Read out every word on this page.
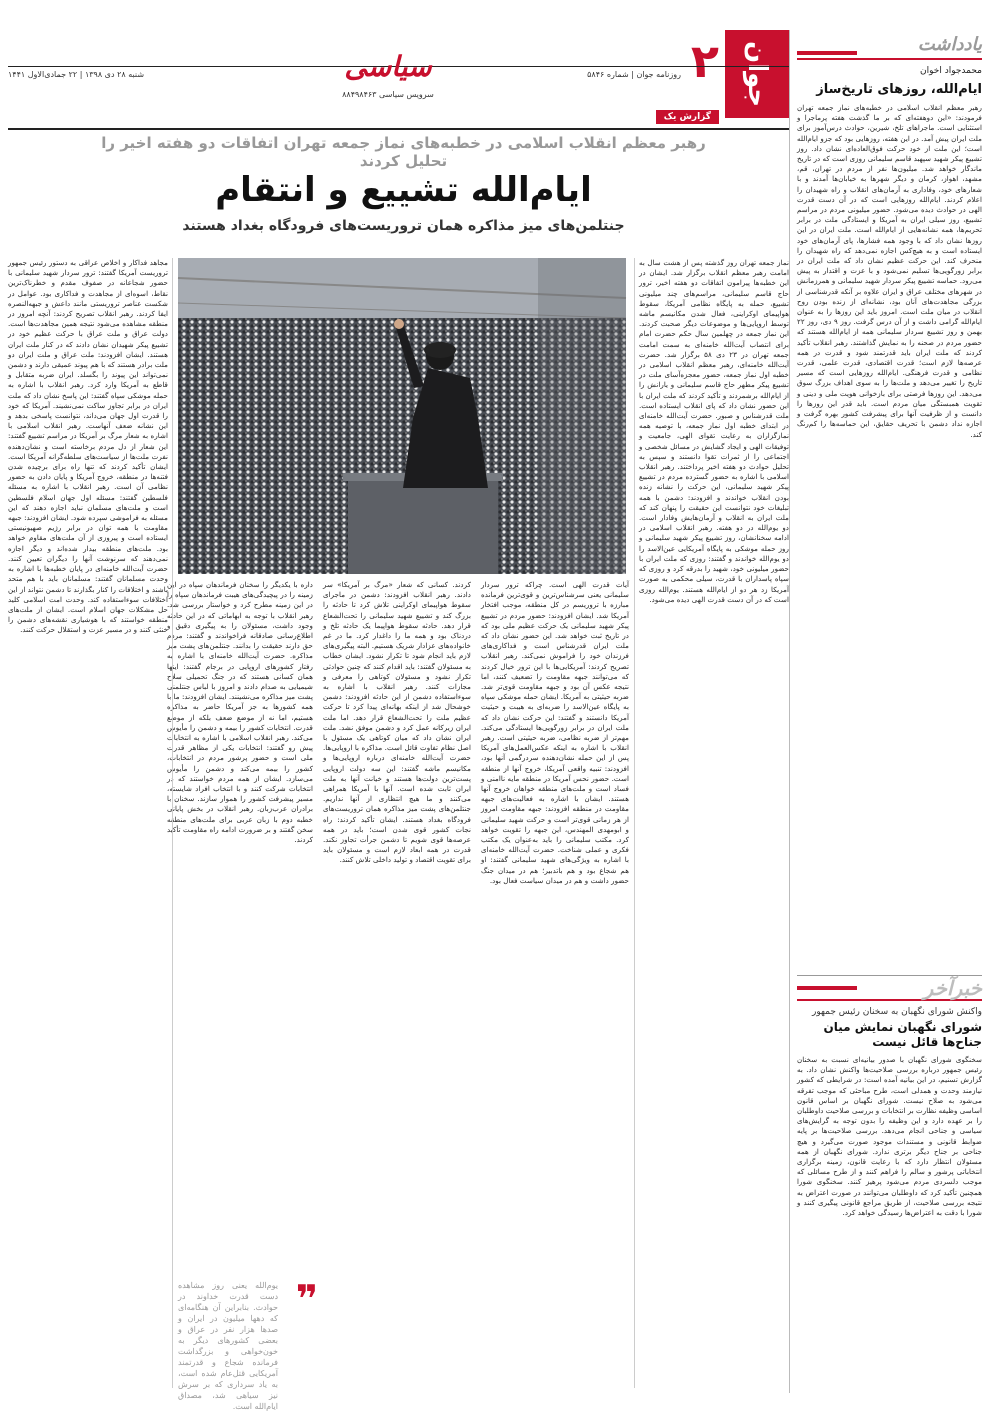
یادداشت
محمدجواد اخوان
ایام‌الله، روزهای تاریخ‌ساز
رهبر معظم انقلاب اسلامی در خطبه‌های نماز جمعه تهران فرمودند: «این دوهفته‌ای که بر ما گذشت هفته پرماجرا و استثنایی است. ماجراهای تلخ، شیرین، حوادث درس‌آموز برای ملت ایران پیش آمد. در این هفته، روزهایی بود که جزو ایام‌الله است؛ این ملت از خود حرکت فوق‌العاده‌ای نشان داد. روز تشییع پیکر شهید سپهبد قاسم سلیمانی روزی است که در تاریخ ماندگار خواهد شد. میلیون‌ها نفر از مردم در تهران، قم، مشهد، اهواز، کرمان و دیگر شهرها به خیابان‌ها آمدند و با شعارهای خود، وفاداری به آرمان‌های انقلاب و راه شهیدان را اعلام کردند. ایام‌الله روزهایی است که در آن دست قدرت الهی در حوادث دیده می‌شود. حضور میلیونی مردم در مراسم تشییع، روز سیلی ایران به آمریکا و ایستادگی ملت در برابر تحریم‌ها، همه نشانه‌هایی از ایام‌الله است. ملت ایران در این روزها نشان داد که با وجود همه فشارها، پای آرمان‌های خود ایستاده است و به هیچ‌کس اجازه نمی‌دهد که راه شهیدان را منحرف کند. این حرکت عظیم نشان داد که ملت ایران در برابر زورگویی‌ها تسلیم نمی‌شود و با عزت و اقتدار به پیش می‌رود. حماسه تشییع پیکر سردار شهید سلیمانی و همرزمانش در شهرهای مختلف عراق و ایران علاوه بر آنکه قدرشناسی از بزرگی مجاهدت‌های آنان بود، نشانه‌ای از زنده بودن روح انقلاب در میان ملت است. امروز باید این روزها را به عنوان ایام‌الله گرامی داشت و از آن درس گرفت. روز ۹ دی، روز ۲۲ بهمن و روز تشییع سردار سلیمانی همه از ایام‌الله هستند که حضور مردم در صحنه را به نمایش گذاشتند. رهبر انقلاب تأکید کردند که ملت ایران باید قدرتمند شود و قدرت در همه عرصه‌ها لازم است؛ قدرت اقتصادی، قدرت علمی، قدرت نظامی و قدرت فرهنگی. ایام‌الله روزهایی است که مسیر تاریخ را تغییر می‌دهد و ملت‌ها را به سوی اهداف بزرگ سوق می‌دهد. این روزها فرصتی برای بازخوانی هویت ملی و دینی و تقویت همبستگی میان مردم است. باید قدر این روزها را دانست و از ظرفیت آنها برای پیشرفت کشور بهره گرفت و اجازه نداد دشمن با تحریف حقایق، این حماسه‌ها را کم‌رنگ کند.
خبرآخر
واکنش شورای نگهبان به سخنان رئیس جمهور
شورای نگهبان نمایش میان جناح‌ها قائل نیست
سخنگوی شورای نگهبان با صدور بیانیه‌ای نسبت به سخنان رئیس جمهور درباره بررسی صلاحیت‌ها واکنش نشان داد. به گزارش تسنیم، در این بیانیه آمده است: در شرایطی که کشور نیازمند وحدت و همدلی است، طرح مباحثی که موجب تفرقه می‌شود به صلاح نیست. شورای نگهبان بر اساس قانون اساسی وظیفه نظارت بر انتخابات و بررسی صلاحیت داوطلبان را بر عهده دارد و این وظیفه را بدون توجه به گرایش‌های سیاسی و جناحی انجام می‌دهد. بررسی صلاحیت‌ها بر پایه ضوابط قانونی و مستندات موجود صورت می‌گیرد و هیچ جناحی بر جناح دیگر برتری ندارد. شورای نگهبان از همه مسئولان انتظار دارد که با رعایت قانون، زمینه برگزاری انتخاباتی پرشور و سالم را فراهم کنند و از طرح مسائلی که موجب دلسردی مردم می‌شود پرهیز کنند. سخنگوی شورا همچنین تأکید کرد که داوطلبان می‌توانند در صورت اعتراض به نتیجه بررسی صلاحیت، از طریق مراجع قانونی پیگیری کنند و شورا با دقت به اعتراض‌ها رسیدگی خواهد کرد.
جوان
۲
روزنامه جوان | شماره ۵۸۴۶
شنبه ۲۸ دی ۱۳۹۸ | ۲۲ جمادی‌الاول ۱۴۴۱	سیاسی
سرویس سیاسی ۸۸۴۹۸۴۶۳
گزارش یک
رهبر معظم انقلاب اسلامی در خطبه‌های نماز جمعه تهران اتفاقات دو هفته اخیر را تحلیل کردند
ایام‌الله تشییع و انتقام
جنتلمن‌های میز مذاکره همان تروریست‌های فرودگاه بغداد هستند
نماز جمعه تهران روز گذشته پس از هشت سال به امامت رهبر معظم انقلاب برگزار شد. ایشان در این خطبه‌ها پیرامون اتفاقات دو هفته اخیر، ترور حاج قاسم سلیمانی، مراسم‌های چند میلیونی تشییع، حمله به پایگاه نظامی آمریکا، سقوط هواپیمای اوکراینی، فعال شدن مکانیسم ماشه توسط اروپایی‌ها و موضوعات دیگر صحبت کردند. این نماز جمعه در چهلمین سال حکم حضرت امام برای انتصاب آیت‌الله خامنه‌ای به سمت امامت جمعه تهران در ۲۳ دی ۵۸ برگزار شد. حضرت آیت‌الله خامنه‌ای، رهبر معظم انقلاب اسلامی در خطبه اول نماز جمعه، حضور معجزه‌آسای ملت در تشییع پیکر مطهر حاج قاسم سلیمانی و یارانش را از ایام‌الله برشمردند و تأکید کردند که ملت ایران با این حضور نشان داد که پای انقلاب ایستاده است. ملت قدرشناس و صبور. حضرت آیت‌الله خامنه‌ای در ابتدای خطبه اول نماز جمعه، با توصیه همه نمازگزاران به رعایت تقوای الهی، جامعیت و توفیقات الهی و ایجاد گشایش در مسائل شخصی و اجتماعی را از ثمرات تقوا دانستند و سپس به تحلیل حوادث دو هفته اخیر پرداختند. رهبر انقلاب اسلامی با اشاره به حضور گسترده مردم در تشییع پیکر شهید سلیمانی، این حرکت را نشانه زنده بودن انقلاب خواندند و افزودند: دشمن با همه تبلیغات خود نتوانست این حقیقت را پنهان کند که ملت ایران به انقلاب و آرمان‌هایش وفادار است. دو یوم‌الله در دو هفته. رهبر انقلاب اسلامی در ادامه سخنانشان، روز تشییع پیکر شهید سلیمانی و روز حمله موشکی به پایگاه آمریکایی عین‌الاسد را دو یوم‌الله خواندند و گفتند: روزی که ملت ایران با حضور میلیونی خود، شهید را بدرقه کرد و روزی که سپاه پاسداران با قدرت، سیلی محکمی به صورت آمریکا زد هر دو از ایام‌الله هستند. یوم‌الله روزی است که در آن دست قدرت الهی دیده می‌شود.
آیات قدرت الهی است. چراکه ترور سردار سلیمانی یعنی سرشناس‌ترین و قوی‌ترین فرمانده مبارزه با تروریسم در کل منطقه، موجب افتخار آمریکا شد. ایشان افزودند: حضور مردم در تشییع پیکر شهید سلیمانی یک حرکت عظیم ملی بود که در تاریخ ثبت خواهد شد. این حضور نشان داد که ملت ایران قدرشناس است و فداکاری‌های فرزندان خود را فراموش نمی‌کند. رهبر انقلاب تصریح کردند: آمریکایی‌ها با این ترور خیال کردند که می‌توانند جبهه مقاومت را تضعیف کنند، اما نتیجه عکس آن بود و جبهه مقاومت قوی‌تر شد. ضربه حیثیتی به آمریکا. ایشان حمله موشکی سپاه به پایگاه عین‌الاسد را ضربه‌ای به هیبت و حیثیت آمریکا دانستند و گفتند: این حرکت نشان داد که ملت ایران در برابر زورگویی‌ها ایستادگی می‌کند. مهم‌تر از ضربه نظامی، ضربه حیثیتی است. رهبر انقلاب با اشاره به اینکه عکس‌العمل‌های آمریکا پس از این حمله نشان‌دهنده سردرگمی آنها بود، افزودند: تنبیه واقعی آمریکا، خروج آنها از منطقه است. حضور نحس آمریکا در منطقه مایه ناامنی و فساد است و ملت‌های منطقه خواهان خروج آنها هستند. ایشان با اشاره به فعالیت‌های جبهه مقاومت در منطقه افزودند: جبهه مقاومت امروز از هر زمانی قوی‌تر است و حرکت شهید سلیمانی و ابومهدی المهندس، این جبهه را تقویت خواهد کرد. مکتب سلیمانی را باید به‌عنوان یک مکتب فکری و عملی شناخت. حضرت آیت‌الله خامنه‌ای با اشاره به ویژگی‌های شهید سلیمانی گفتند: او هم شجاع بود و هم باتدبیر؛ هم در میدان جنگ حضور داشت و هم در میدان سیاست فعال بود.
کردند. کسانی که شعار «مرگ بر آمریکا» سر دادند. رهبر انقلاب افزودند: دشمن در ماجرای سقوط هواپیمای اوکراینی تلاش کرد تا حادثه را بزرگ کند و تشییع شهید سلیمانی را تحت‌الشعاع قرار دهد. حادثه سقوط هواپیما یک حادثه تلخ و دردناک بود و همه ما را داغدار کرد. ما در غم خانواده‌های عزادار شریک هستیم. البته پیگیری‌های لازم باید انجام شود تا تکرار نشود. ایشان خطاب به مسئولان گفتند: باید اقدام کنند که چنین حوادثی تکرار نشود و مسئولان کوتاهی را معرفی و مجازات کنند. رهبر انقلاب با اشاره به سوءاستفاده دشمن از این حادثه افزودند: دشمن خوشحال شد از اینکه بهانه‌ای پیدا کرد تا حرکت عظیم ملت را تحت‌الشعاع قرار دهد. اما ملت ایران زیرکانه عمل کرد و دشمن موفق نشد. ملت ایران نشان داد که میان کوتاهی یک مسئول با اصل نظام تفاوت قائل است. مذاکره با اروپایی‌ها. حضرت آیت‌الله خامنه‌ای درباره اروپایی‌ها و مکانیسم ماشه گفتند: این سه دولت اروپایی پست‌ترین دولت‌ها هستند و خیانت آنها به ملت ایران ثابت شده است. آنها با آمریکا همراهی می‌کنند و ما هیچ انتظاری از آنها نداریم. جنتلمن‌های پشت میز مذاکره همان تروریست‌های فرودگاه بغداد هستند. ایشان تأکید کردند: راه نجات کشور قوی شدن است؛ باید در همه عرصه‌ها قوی شویم تا دشمن جرأت تجاوز نکند. قدرت در همه ابعاد لازم است و مسئولان باید برای تقویت اقتصاد و تولید داخلی تلاش کنند.
داره با یکدیگر را سخنان فرماندهان سپاه در این زمینه را در پیچیدگی‌های هیبت فرماندهان سپاه را در این زمینه مطرح کرد و خواستار بررسی شد. رهبر انقلاب با توجه به ابهاماتی که در این حادثه وجود داشت، مسئولان را به پیگیری دقیق و اطلاع‌رسانی صادقانه فراخواندند و گفتند: مردم حق دارند حقیقت را بدانند. جنتلمن‌های پشت میز مذاکره. حضرت آیت‌الله خامنه‌ای با اشاره به رفتار کشورهای اروپایی در برجام گفتند: اینها همان کسانی هستند که در جنگ تحمیلی سلاح شیمیایی به صدام دادند و امروز با لباس جنتلمنی پشت میز مذاکره می‌نشینند. ایشان افزودند: ما با همه کشورها به جز آمریکا حاضر به مذاکره هستیم، اما نه از موضع ضعف بلکه از موضع قدرت. انتخابات کشور را بیمه و دشمن را مأیوس می‌کند. رهبر انقلاب اسلامی با اشاره به انتخابات پیش رو گفتند: انتخابات یکی از مظاهر قدرت ملی است و حضور پرشور مردم در انتخابات، کشور را بیمه می‌کند و دشمن را مأیوس می‌سازد. ایشان از همه مردم خواستند که در انتخابات شرکت کنند و با انتخاب افراد شایسته، مسیر پیشرفت کشور را هموار سازند. سخنان با برادران عرب‌زبان. رهبر انقلاب در بخش پایانی خطبه دوم با زبان عربی برای ملت‌های منطقه سخن گفتند و بر ضرورت ادامه راه مقاومت تأکید کردند.
❞
یوم‌الله یعنی روز مشاهده دست قدرت خداوند در حوادث. بنابراین آن هنگامه‌ای که دهها میلیون در ایران و صدها هزار نفر در عراق و بعضی کشورهای دیگر به خون‌خواهی و بزرگداشت فرمانده شجاع و قدرتمند آمریکایی قتل‌عام شده است، به یاد سرداری که بر سرش نیز سیاهی شد، مصداق ایام‌الله است.
مجاهد فداکار و اخلاص عراقی به دستور رئیس جمهور تروریست آمریکا گفتند: ترور سردار شهید سلیمانی با حضور شجاعانه در صفوف مقدم و خطرناک‌ترین نقاط، اسوه‌ای از مجاهدت و فداکاری بود. عوامل در شکست عناصر تروریستی مانند داعش و جبهه‌النصره ایفا کردند. رهبر انقلاب تصریح کردند: آنچه امروز در منطقه مشاهده می‌شود نتیجه همین مجاهدت‌ها است. دولت عراق و ملت عراق با حرکت عظیم خود در تشییع پیکر شهیدان نشان دادند که در کنار ملت ایران هستند. ایشان افزودند: ملت عراق و ملت ایران دو ملت برادر هستند که با هم پیوند عمیقی دارند و دشمن نمی‌تواند این پیوند را بگسلد. ایران ضربه متقابل و قاطع به آمریکا وارد کرد. رهبر انقلاب با اشاره به حمله موشکی سپاه گفتند: این پاسخ نشان داد که ملت ایران در برابر تجاوز ساکت نمی‌نشیند. آمریکا که خود را قدرت اول جهان می‌داند، نتوانست پاسخی بدهد و این نشانه ضعف آنهاست. رهبر انقلاب اسلامی با اشاره به شعار مرگ بر آمریکا در مراسم تشییع گفتند: این شعار از دل مردم برخاسته است و نشان‌دهنده نفرت ملت‌ها از سیاست‌های سلطه‌گرانه آمریکا است. ایشان تأکید کردند که تنها راه برای برچیده شدن فتنه‌ها در منطقه، خروج آمریکا و پایان دادن به حضور نظامی آن است. رهبر انقلاب با اشاره به مسئله فلسطین گفتند: مسئله اول جهان اسلام فلسطین است و ملت‌های مسلمان نباید اجازه دهند که این مسئله به فراموشی سپرده شود. ایشان افزودند: جبهه مقاومت با همه توان در برابر رژیم صهیونیستی ایستاده است و پیروزی از آن ملت‌های مقاوم خواهد بود. ملت‌های منطقه بیدار شده‌اند و دیگر اجازه نمی‌دهند که سرنوشت آنها را دیگران تعیین کنند. حضرت آیت‌الله خامنه‌ای در پایان خطبه‌ها با اشاره به وحدت مسلمانان گفتند: مسلمانان باید با هم متحد باشند و اختلافات را کنار بگذارند تا دشمن نتواند از این اختلافات سوءاستفاده کند. وحدت امت اسلامی کلید حل مشکلات جهان اسلام است. ایشان از ملت‌های منطقه خواستند که با هوشیاری نقشه‌های دشمن را خنثی کنند و در مسیر عزت و استقلال حرکت کنند.
